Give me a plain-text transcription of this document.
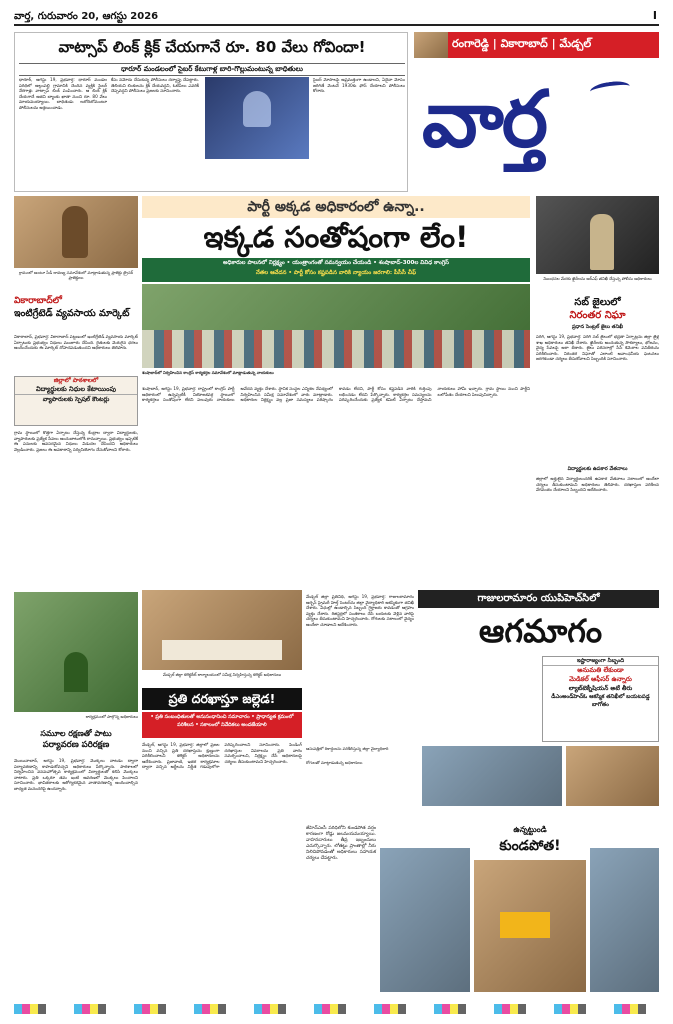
వార్త, గురువారం 20, ఆగస్టు 2026	I
వాట్సాప్ లింక్ క్లిక్ చేయగానే రూ. 80 వేలు గోవిందా!
ధారూర్ మండలంలో సైబర్ కేటుగాళ్ల బారి-గొల్లుమంటున్న బాధితులు
ధారూర్, ఆగస్టు 19, ప్రభవార్త: ధారూర్ మండల పరిధిలో అల్లంపల్లి గ్రామానికి చెందిన వ్యక్తికి సైబర్ నేరగాళ్లు వాట్సాప్ లింక్ పంపించారు. ఆ లింక్ క్లిక్ చేయగానే అతని బ్యాంకు ఖాతా నుంచి రూ. 80 వేలు మాయమయ్యాయి. బాధితుడు లబోదిబోమంటూ పోలీసులను ఆశ్రయించాడు.
కేసు నమోదు చేసుకున్న పోలీసులు దర్యాప్తు చేపట్టారు. తెలియని లింకులను క్లిక్ చేయవద్దని, ఓటీపీలు ఎవరికీ చెప్పవద్దని పోలీసులు ప్రజలకు సూచించారు.
సైబర్ మోసాలపై అప్రమత్తంగా ఉండాలని, ఏదైనా మోసం జరిగితే వెంటనే 1930కు ఫోన్ చేయాలని పోలీసులు కోరారు.
రంగారెడ్డి | వికారాబాద్ | మేడ్చల్
వార్త
గ్రామంలో అంటూ సీడీ లావణ్య సమావేశంలో మాట్లాడుతున్న ప్రాజెక్టు ట్రైనర్ ప్రాజెక్టులు
వికారాబాద్‌లో
ఇంటిగ్రేటెడ్ వ్యవసాయ మార్కెట్
వికారాబాద్, ప్రభవార్త: వికారాబాద్ పట్టణంలో ఇంటిగ్రేటెడ్ వ్యవసాయ మార్కెట్ ఏర్పాటుకు ప్రభుత్వం నిధులు మంజూరు చేసింది. రైతులకు మెరుగైన ధరలు అందించేందుకు ఈ మార్కెట్ దోహదపడుతుందని అధికారులు తెలిపారు.
జిల్లాలో పాఠశాలలో
విద్యార్థులకు నిధుల కేటాయింపు
వ్యాపారులకు స్పెషల్ కౌంటర్లు
గ్రామ స్థాయిలో కొత్తగా ఏర్పాటు చేస్తున్న కేంద్రాల ద్వారా విద్యార్థులకు, వ్యాపారులకు ప్రత్యేక సేవలు అందుబాటులోకి రానున్నాయి. ప్రభుత్వం ఇప్పటికే ఈ పనులకు అవసరమైన నిధులు విడుదల చేసిందని అధికారులు వెల్లడించారు. ప్రజలు ఈ అవకాశాన్ని సద్వినియోగం చేసుకోవాలని కోరారు.
పార్టీ అక్కడ అధికారంలో ఉన్నా..
ఇక్కడ సంతోషంగా లేం!
అధికారుల పాలనలో నిర్లక్ష్యం • యంత్రాంగంతో సమన్వయం చేయండి • శంషాబాద్-300ల వివిధ కాంగ్రెస్
నేతల ఆవేదన • పార్టీ కోసం కష్టపడిన వారికి న్యాయం జరగాలి: పీసీసీ చీఫ్
శంషాబాద్‌లో నిర్వహించిన కాంగ్రెస్ కార్యకర్తల సమావేశంలో మాట్లాడుతున్న నాయకులు
శంషాబాద్, ఆగస్టు 19, ప్రభవార్త: రాష్ట్రంలో కాంగ్రెస్ పార్టీ అధికారంలో ఉన్నప్పటికీ నియోజకవర్గ స్థాయిలో కార్యకర్తలు సంతోషంగా లేరని పలువురు నాయకులు ఆవేదన వ్యక్తం చేశారు. స్థానిక సంస్థల ఎన్నికల నేపథ్యంలో నిర్వహించిన సమీక్ష సమావేశంలో వారు మాట్లాడారు. అధికారుల నిర్లక్ష్యం వల్ల ప్రజా సమస్యలు పరిష్కారం కావడం లేదని, పార్టీ కోసం కష్టపడిన వారికి గుర్తింపు లభించడం లేదని పేర్కొన్నారు. కార్యకర్తల సమస్యలను పరిష్కరించేందుకు ప్రత్యేక కమిటీ ఏర్పాటు చేస్తామని నాయకులు హామీ ఇచ్చారు. గ్రామ స్థాయి నుంచి పార్టీని బలోపేతం చేయాలని పిలుపునిచ్చారు.
నిబంధనల మేరకు ఖైదీలను ఆర్ఎఫ్ తనిఖీ చేస్తున్న పోలీసు అధికారులు
సబ్ జైలులో
నిరంతర నిఘా
ప్రధాన సెంట్రల్ జైలు తనిఖీ
పరిగి, ఆగస్టు 19, ప్రభవార్త: పరిగి సబ్ జైలులో భద్రతా ఏర్పాట్లను జిల్లా జైళ్ల శాఖ అధికారులు తనిఖీ చేశారు. ఖైదీలకు అందుతున్న సౌకర్యాలు, భోజనం, వైద్య సేవలపై ఆరా తీశారు. జైలు పరిసరాల్లో సీసీ కెమెరాల పనితీరును పరిశీలించారు. నిరంతర నిఘాతో ఎలాంటి అవాంఛనీయ ఘటనలు జరగకుండా చర్యలు తీసుకోవాలని సిబ్బందికి సూచించారు.
విద్యార్థులకు ఉపకార వేతనాలు
జిల్లాలో అర్హులైన విద్యార్థులందరికీ ఉపకార వేతనాలు సకాలంలో అందేలా చర్యలు తీసుకుంటామని అధికారులు తెలిపారు. దరఖాస్తుల పరిశీలన వేగవంతం చేయాలని సిబ్బందిని ఆదేశించారు.
మేడ్చల్ జిల్లా కలెక్టరేట్ కార్యాలయంలో సమీక్ష నిర్వహిస్తున్న కలెక్టర్ అధికారులు
ప్రతి దరఖాస్తూ జల్లెడ!
• ప్రతి సంబంధితులతో అనుసంధానించి సమాచారం • ప్రాధాన్యత క్రమంలో పరిశీలన • సకాలంలో నివేదికలు అందజేయాలి
మేడ్చల్, ఆగస్టు 19, ప్రభవార్త: జిల్లాలో ప్రజల నుంచి వచ్చిన ప్రతి దరఖాస్తును క్షుణ్ణంగా పరిశీలించాలని కలెక్టర్ అధికారులను ఆదేశించారు. ప్రజావాణి, ఇతర కార్యక్రమాల ద్వారా వచ్చిన అర్జీలను నిర్ణీత గడువులోగా పరిష్కరించాలని సూచించారు. పెండింగ్ దరఖాస్తుల వివరాలను ప్రతి వారం సమర్పించాలని, నిర్లక్ష్యం చేసే అధికారులపై చర్యలు తీసుకుంటామని హెచ్చరించారు.
గాజులరామారం యుపిహెచ్‌సిలో
మేడ్చల్ జిల్లా ప్రతినిధి, ఆగస్టు 19, ప్రభవార్త: గాజులరామారం అర్బన్ ప్రైమరీ హెల్త్ సెంటర్‌ను జిల్లా వైద్యాధికారి ఆకస్మికంగా తనిఖీ చేశారు. విధుల్లో ఉండాల్సిన సిబ్బంది గైర్హాజరు కావడంతో ఆగ్రహం వ్యక్తం చేశారు. రిజిస్టర్లలో సంతకాలు చేసి బయటకు వెళ్లిన వారిపై చర్యలు తీసుకుంటామని హెచ్చరించారు. రోగులకు సకాలంలో వైద్యం అందేలా చూడాలని ఆదేశించారు.	ఆగమాగం
ఇష్టారాజ్యంగా సిబ్బంది
అనుమతి లేకుండా
మెడికల్ ఆఫీసర్ ఉన్నారు
ల్యాబ్‌టెక్నీషియన్ అటే తీరు
డీఎంఅండ్‌హెచ్‌ఓ ఆకస్మిక తనిఖీలో బయటపడ్డ బాగోతం
ఆసుపత్రిలో రికార్డులను పరిశీలిస్తున్న జిల్లా వైద్యాధికారి
రోగులతో మాట్లాడుతున్న అధికారులు
కార్యక్రమంలో పాల్గొన్న అధికారులు
సమూల రక్షణతో పాటు
పర్యావరణ పరిరక్షణ
మొయినాబాద్, ఆగస్టు 19, ప్రభవార్త: మొక్కలు నాటడం ద్వారా పర్యావరణాన్ని కాపాడుకోవచ్చని అధికారులు పేర్కొన్నారు. పాఠశాలలో నిర్వహించిన వనమహోత్సవ కార్యక్రమంలో విద్యార్థులతో కలిసి మొక్కలు నాటారు. ప్రతి ఒక్కరూ తమ ఇంటి ఆవరణలో మొక్కలు పెంచాలని సూచించారు. భావితరాలకు ఆరోగ్యకరమైన వాతావరణాన్ని అందించాల్సిన బాధ్యత మనందరిపై ఉందన్నారు.
జీహెచ్ఎంసీ పరిధిలోని కుండపోత వర్షం కారణంగా రోడ్లు జలమయమయ్యాయి. వాహనదారులు తీవ్ర ఇబ్బందులు ఎదుర్కొన్నారు. లోతట్టు ప్రాంతాల్లో నీరు నిలిచిపోవడంతో అధికారులు సహాయక చర్యలు చేపట్టారు.
ఉన్నట్టుండి
కుండపోత!
